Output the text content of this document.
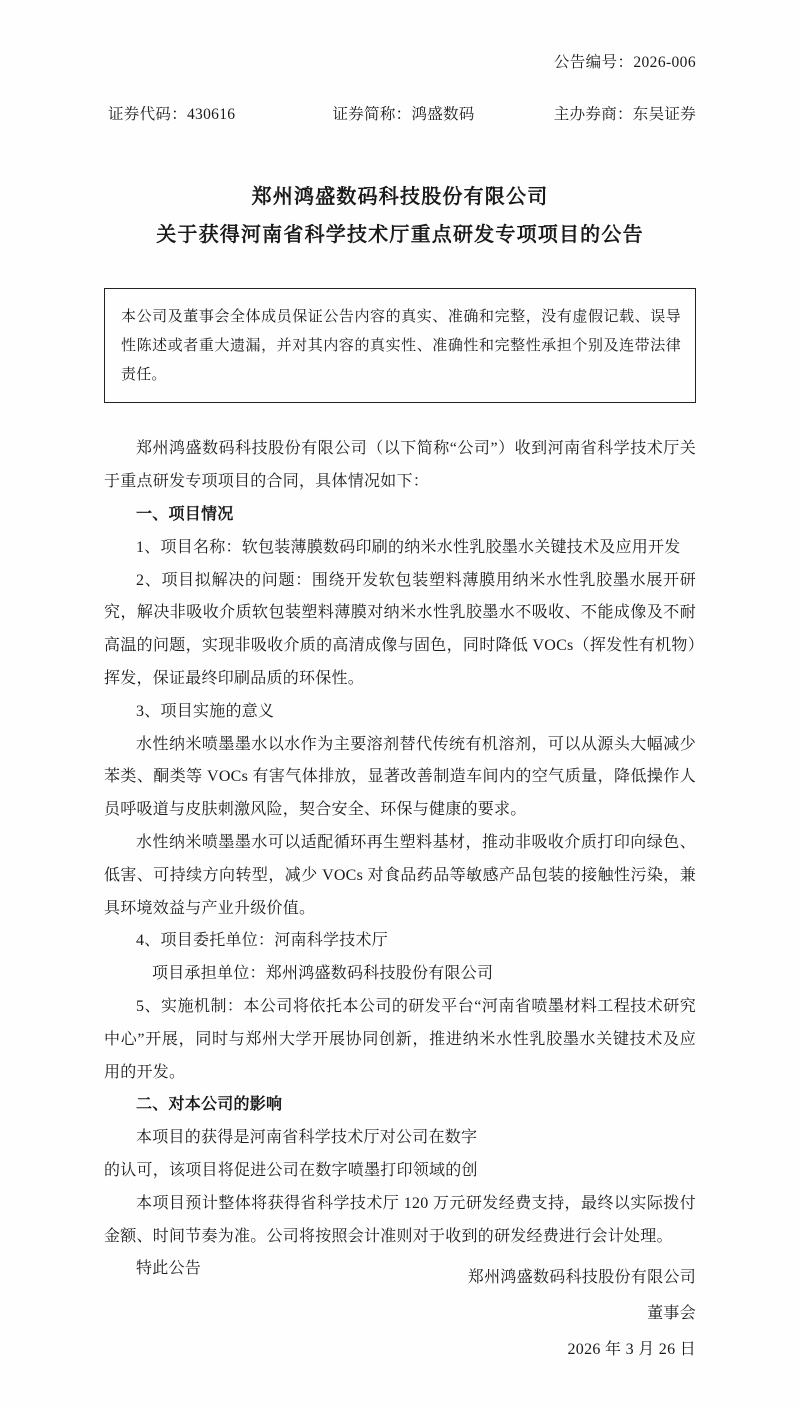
公告编号：2026-006
证券代码：430616	证券简称：鸿盛数码	主办券商：东吴证券
郑州鸿盛数码科技股份有限公司
关于获得河南省科学技术厅重点研发专项项目的公告

本公司及董事会全体成员保证公告内容的真实、准确和完整，没有虚假记载、误导性陈述或者重大遗漏，并对其内容的真实性、准确性和完整性承担个别及连带法律责任。

郑州鸿盛数码科技股份有限公司（以下简称“公司”）收到河南省科学技术厅关于重点研发专项项目的合同，具体情况如下：

一、项目情况

1、项目名称：软包装薄膜数码印刷的纳米水性乳胶墨水关键技术及应用开发

2、项目拟解决的问题：围绕开发软包装塑料薄膜用纳米水性乳胶墨水展开研究，解决非吸收介质软包装塑料薄膜对纳米水性乳胶墨水不吸收、不能成像及不耐高温的问题，实现非吸收介质的高清成像与固色，同时降低 VOCs（挥发性有机物）挥发，保证最终印刷品质的环保性。

3、项目实施的意义

水性纳米喷墨墨水以水作为主要溶剂替代传统有机溶剂，可以从源头大幅减少苯类、酮类等 VOCs 有害气体排放，显著改善制造车间内的空气质量，降低操作人员呼吸道与皮肤刺激风险，契合安全、环保与健康的要求。

水性纳米喷墨墨水可以适配循环再生塑料基材，推动非吸收介质打印向绿色、低害、可持续方向转型，减少 VOCs 对食品药品等敏感产品包装的接触性污染，兼具环境效益与产业升级价值。

4、项目委托单位：河南科学技术厅

项目承担单位：郑州鸿盛数码科技股份有限公司

5、实施机制：本公司将依托本公司的研发平台“河南省喷墨材料工程技术研究中心”开展，同时与郑州大学开展协同创新，推进纳米水性乳胶墨水关键技术及应用的开发。

二、对本公司的影响

本项目的获得是河南省科学技术厅对公司在数字

的认可，该项目将促进公司在数字喷墨打印领域的创

本项目预计整体将获得省科学技术厅 120 万元研发经费支持，最终以实际拨付金额、时间节奏为准。公司将按照会计准则对于收到的研发经费进行会计处理。

特此公告

郑州鸿盛数码科技股份有限公司
董事会
2026 年 3 月 26 日
